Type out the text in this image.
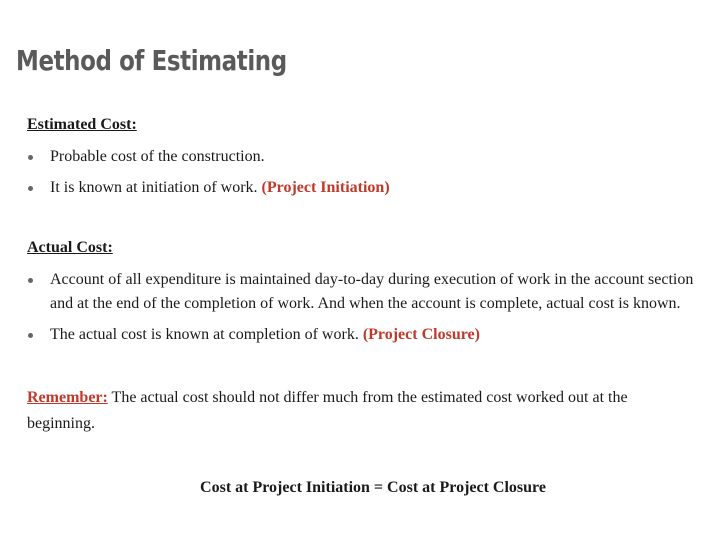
Method of Estimating

Estimated Cost:

Probable cost of the construction.
It is known at initiation of work. (Project Initiation)

Actual Cost:

Account of all expenditure is maintained day-to-day during execution of work in the account section and at the end of the completion of work. And when the account is complete, actual cost is known.
The actual cost is known at completion of work. (Project Closure)

Remember: The actual cost should not differ much from the estimated cost worked out at the beginning.

Cost at Project Initiation = Cost at Project Closure
